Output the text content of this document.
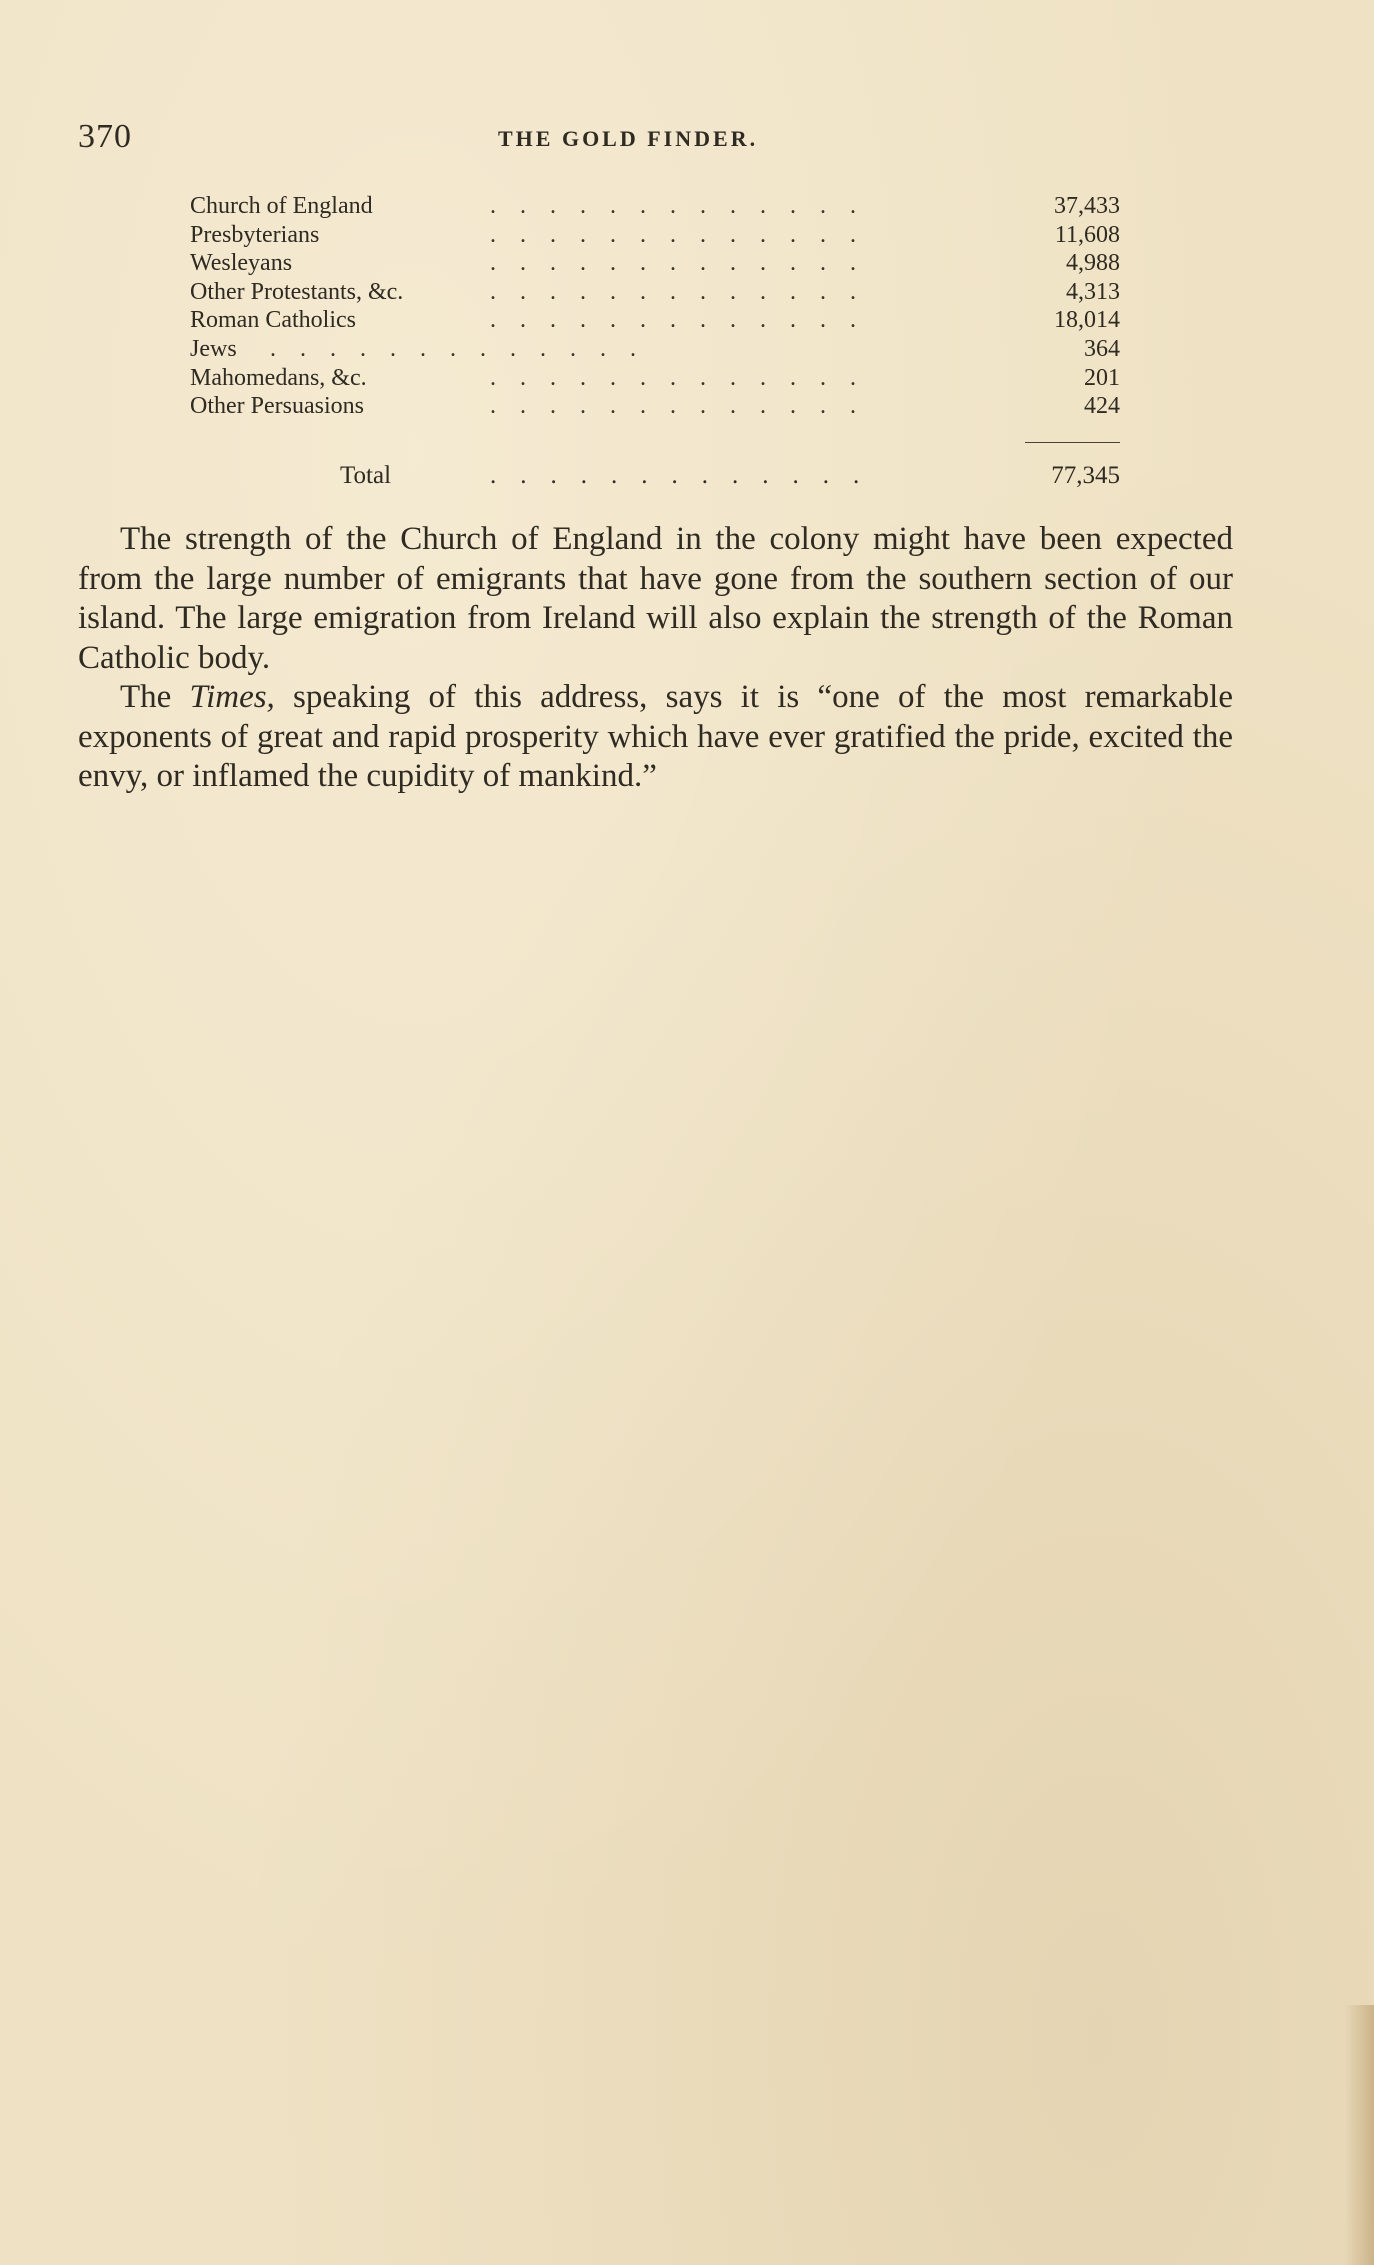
370	THE GOLD FINDER.
Church of England	.............	37,433
Presbyterians	.............	11,608
Wesleyans	.............	4,988
Other Protestants, &c.	.............	4,313
Roman Catholics	.............	18,014
Jews .............	364
Mahomedans, &c.	.............	201
Other Persuasions	.............	424
Total	.............	77,345

The strength of the Church of England in the colony might have been expected from the large number of emigrants that have gone from the southern section of our island. The large emigration from Ireland will also explain the strength of the Roman Catholic body.

The Times, speaking of this address, says it is “one of the most remarkable exponents of great and rapid prosperity which have ever gratified the pride, excited the envy, or inflamed the cupidity of mankind.”
